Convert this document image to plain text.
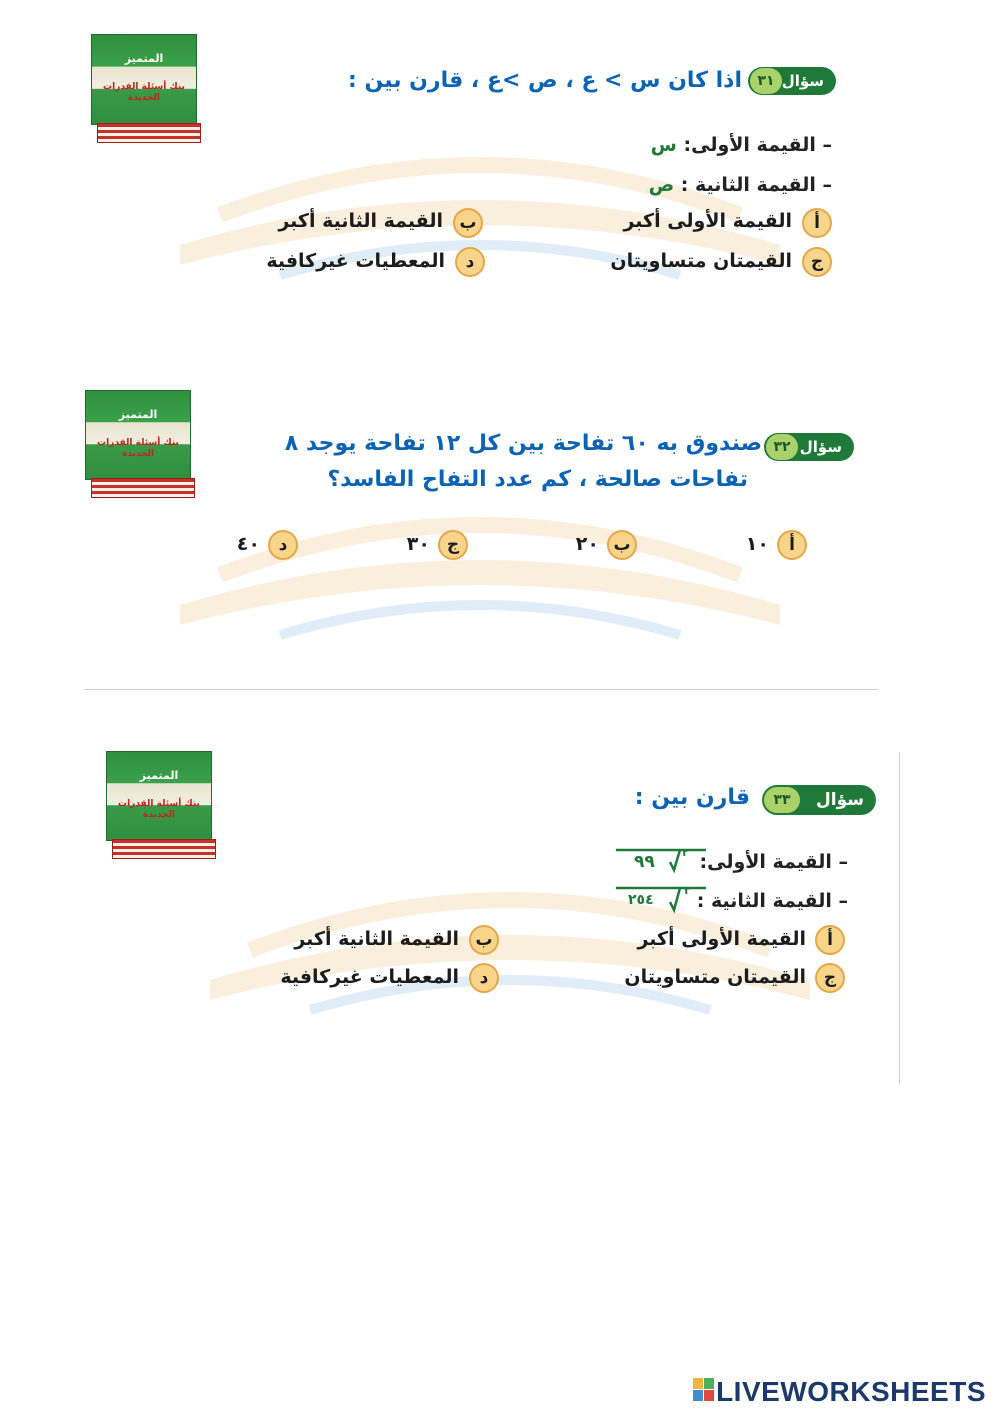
المتميز
بنك أسئلة القدرات الجديدة
سؤال
٣١
اذا كان س > ع ، ص >ع ، قارن بين :
– القيمة الأولى: س
– القيمة الثانية : ص
أ
القيمة الأولى أكبر
ب
القيمة الثانية أكبر
ج
القيمتان متساويتان
د
المعطيات غيركافية
المتميز
بنك أسئلة القدرات الجديدة	سؤال
٣٢
صندوق به ٦٠ تفاحة بين كل ١٢ تفاحة يوجد ٨
تفاحات صالحة ، كم عدد التفاح الفاسد؟
أ
١٠
ب
٢٠
ج
٣٠
د
٤٠
المتميز
بنك أسئلة القدرات الجديدة
سؤال
٣٣
قارن بين :
– القيمة الأولى:
٢
٩٩
– القيمة الثانية :
٣
٢٥٤
أ
القيمة الأولى أكبر
ب
القيمة الثانية أكبر
ج
القيمتان متساويتان
د
المعطيات غيركافية
LIVEWORKSHEETS
